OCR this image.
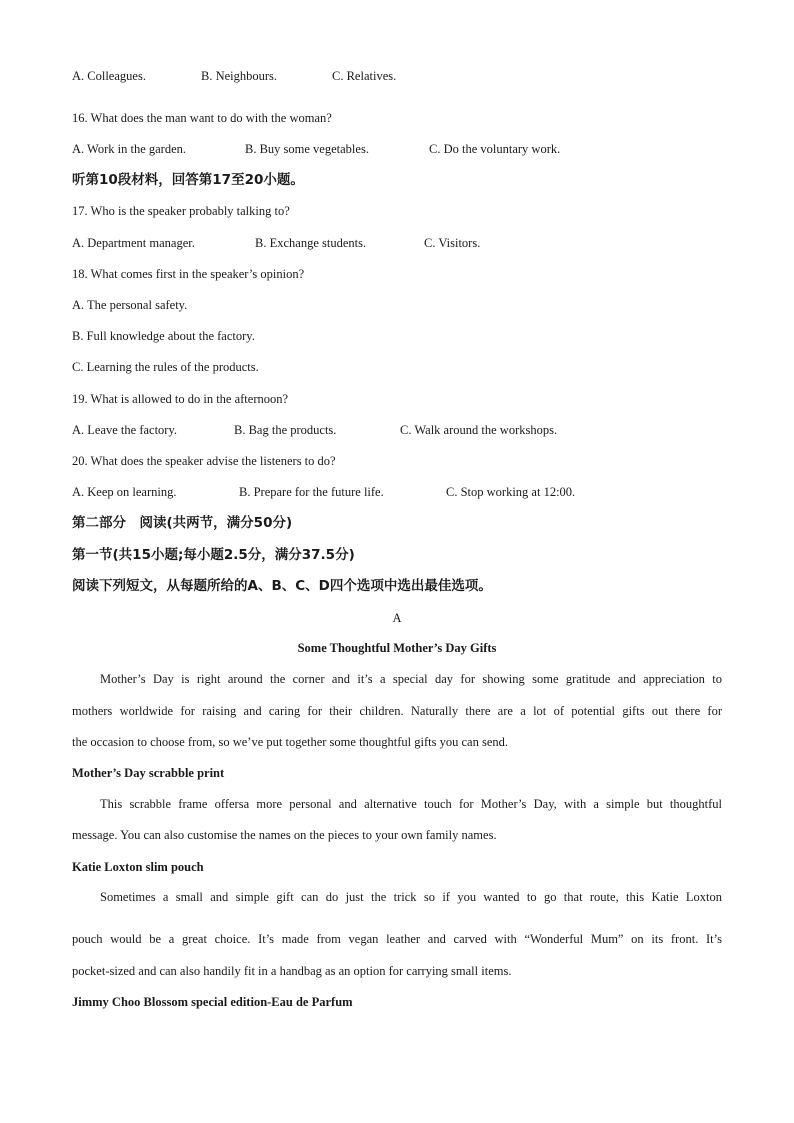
A. Colleagues.	B. Neighbours.	C. Relatives.
16. What does the man want to do with the woman?
A. Work in the garden.	B. Buy some vegetables.	C. Do the voluntary work.
听第10段材料，回答第17至20小题。
17. Who is the speaker probably talking to?
A. Department manager.	B. Exchange students.	C. Visitors.
18. What comes first in the speaker’s opinion?
A. The personal safety.
B. Full knowledge about the factory.
C. Learning the rules of the products.
19. What is allowed to do in the afternoon?
A. Leave the factory.	B. Bag the products.	C. Walk around the workshops.
20. What does the speaker advise the listeners to do?
A. Keep on learning.	B. Prepare for the future life.	C. Stop working at 12:00.
第二部分　阅读(共两节，满分50分)
第一节(共15小题;每小题2.5分，满分37.5分)
阅读下列短文，从每题所给的A、B、C、D四个选项中选出最佳选项。
A
Some Thoughtful Mother’s Day Gifts
Mother’s Day is right around the corner and it’s a special day for showing some gratitude and appreciation to
mothers worldwide for raising and caring for their children. Naturally there are a lot of potential gifts out there for
the occasion to choose from, so we’ve put together some thoughtful gifts you can send.
Mother’s Day scrabble print
This scrabble frame offersa more personal and alternative touch for Mother’s Day, with a simple but thoughtful
message. You can also customise the names on the pieces to your own family names.
Katie Loxton slim pouch
Sometimes a small and simple gift can do just the trick so if you wanted to go that route, this Katie Loxton
pouch would be a great choice. It’s made from vegan leather and carved with “Wonderful Mum” on its front. It’s
pocket-sized and can also handily fit in a handbag as an option for carrying small items.
Jimmy Choo Blossom special edition-Eau de Parfum
